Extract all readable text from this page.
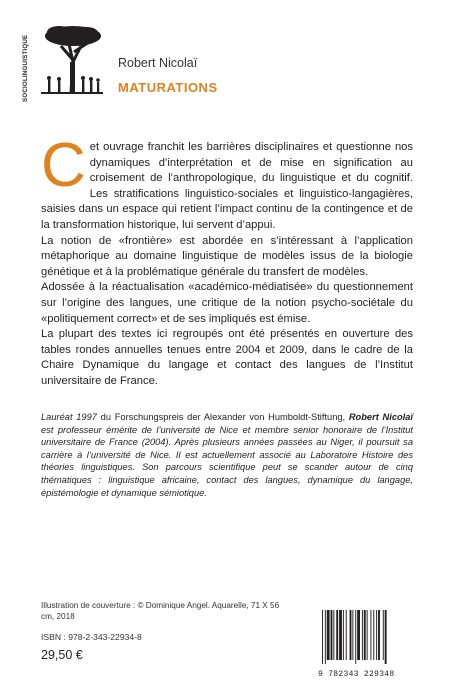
SOCIOLINGUISTIQUE	Robert Nicolaï
MATURATIONS

Cet ouvrage franchit les barrières disciplinaires et questionne nos dynamiques d’interprétation et de mise en signification au croisement de l’anthropologique, du linguistique et du cognitif. Les stratifications linguistico-sociales et linguistico-langagières, saisies dans un espace qui retient l’impact continu de la contingence et de la transformation historique, lui servent d’appui.

La notion de «frontière» est abordée en s’intéressant à l’application métaphorique au domaine linguistique de modèles issus de la biologie génétique et à la problématique générale du transfert de modèles.

Adossée à la réactualisation «académico-médiatisée» du questionnement sur l’origine des langues, une critique de la notion psycho-sociétale du «politiquement correct» et de ses impliqués est émise.

La plupart des textes ici regroupés ont été présentés en ouverture des tables rondes annuelles tenues entre 2004 et 2009, dans le cadre de la Chaire Dynamique du langage et contact des langues de l’Institut universitaire de France.

Lauréat 1997 du Forschungspreis der Alexander von Humboldt-Stiftung, Robert Nicolaï est professeur émérite de l’université de Nice et membre senior honoraire de l’Institut universitaire de France (2004). Après plusieurs années passées au Niger, il poursuit sa carrière à l’université de Nice. Il est actuellement associé au Laboratoire Histoire des théories linguistiques. Son parcours scientifique peut se scander autour de cinq thématiques : linguistique africaine, contact des langues, dynamique du langage, épistémologie et dynamique sémiotique.
Illustration de couverture : © Dominique Angel. Aquarelle, 71 X 56 cm, 2018
ISBN : 978-2-343-22934-8
29,50 €
9 782343 229348
